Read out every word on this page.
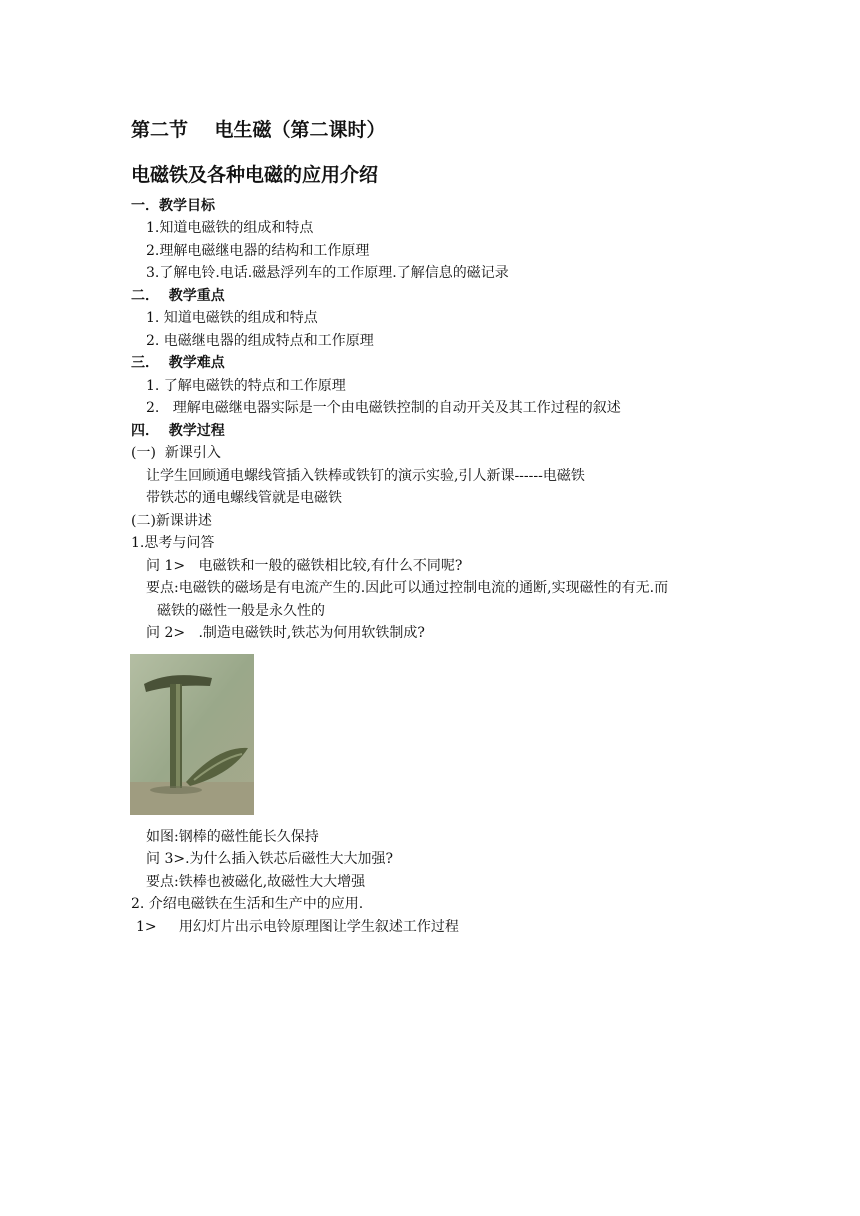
第二节    电生磁（第二课时）
电磁铁及各种电磁的应用介绍
一．教学目标
1.知道电磁铁的组成和特点
2.理解电磁继电器的结构和工作原理
3.了解电铃.电话.磁悬浮列车的工作原理.了解信息的磁记录
二．  教学重点
1. 知道电磁铁的组成和特点
2. 电磁继电器的组成特点和工作原理
三．  教学难点
1. 了解电磁铁的特点和工作原理
2.   理解电磁继电器实际是一个由电磁铁控制的自动开关及其工作过程的叙述
四．  教学过程
(一)  新课引入
让学生回顾通电螺线管插入铁棒或铁钉的演示实验,引人新课------电磁铁
带铁芯的通电螺线管就是电磁铁
(二)新课讲述
1.思考与问答
问 1>   电磁铁和一般的磁铁相比较,有什么不同呢?
要点:电磁铁的磁场是有电流产生的.因此可以通过控制电流的通断,实现磁性的有无.而
磁铁的磁性一般是永久性的
问 2>   .制造电磁铁时,铁芯为何用软铁制成?
如图:钢棒的磁性能长久保持
问 3>.为什么插入铁芯后磁性大大加强?
要点:铁棒也被磁化,故磁性大大增强
2. 介绍电磁铁在生活和生产中的应用.
1>     用幻灯片出示电铃原理图让学生叙述工作过程
